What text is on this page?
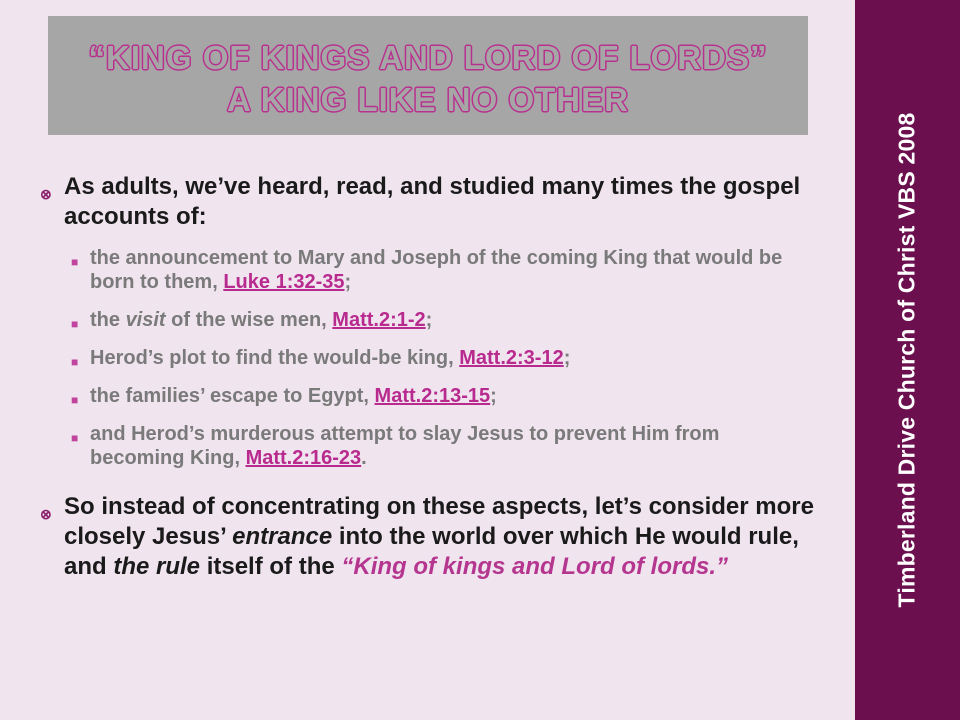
Timberland Drive Church of Christ VBS 2008
“KING OF KINGS AND LORD OF LORDS”
A KING LIKE NO OTHER
⊗ As adults, we’ve heard, read, and studied many times the gospel accounts of:
■ the announcement to Mary and Joseph of the coming King that would be born to them, Luke 1:32-35;
■ the visit of the wise men, Matt.2:1-2;
■ Herod’s plot to find the would-be king, Matt.2:3-12;
■ the families’ escape to Egypt, Matt.2:13-15;
■ and Herod’s murderous attempt to slay Jesus to prevent Him from becoming King, Matt.2:16-23.
⊗ So instead of concentrating on these aspects, let’s consider more closely Jesus’ entrance into the world over which He would rule, and the rule itself of the “King of kings and Lord of lords.”
